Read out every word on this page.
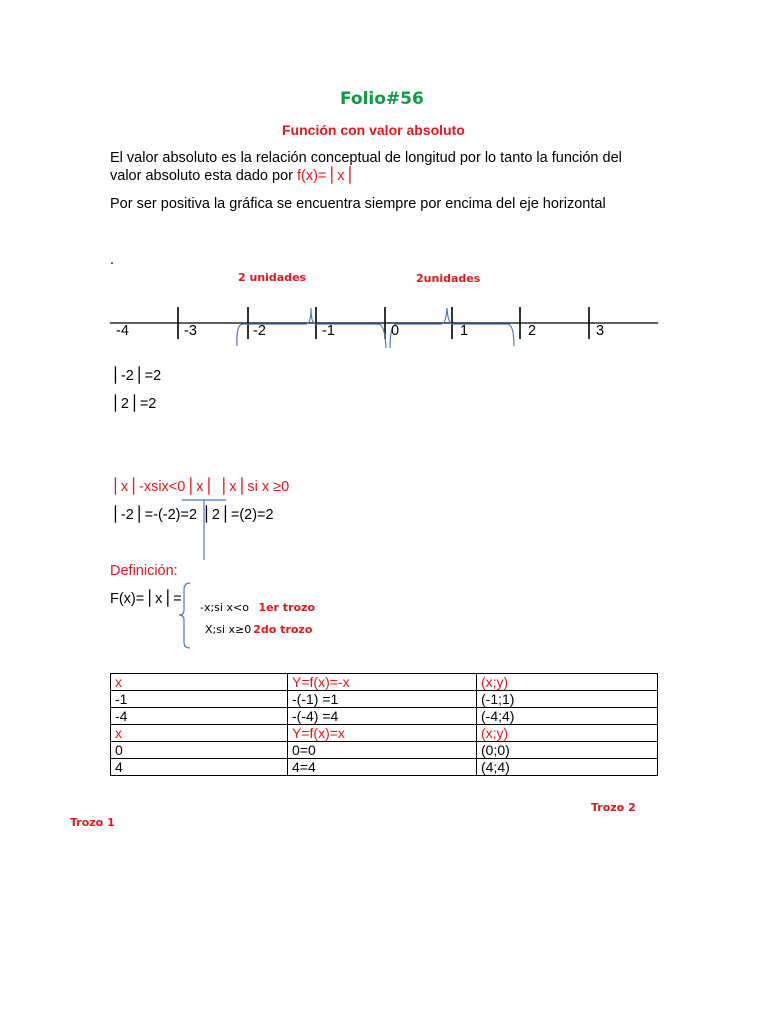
Folio#56
Función con valor absoluto
El valor absoluto es la relación conceptual de longitud por lo tanto la función del
valor absoluto esta dado por f(x)=⎪x⎪
Por ser positiva la gráfica se encuentra siempre por encima del eje horizontal
.
2 unidades	2unidades
-4	-3	-2	-1	0	1	2	3
⎪-2⎪=2
⎪2⎪=2
⎪x⎪-xsix<0⎪x⎪ ⎪x⎪si x ≥0
⎪-2⎪=-(-2)=2 ⎪2⎪=(2)=2
Definición:
F(x)=⎪x⎪=
-x;si x<o 1er trozo
X;si x≥0 2do trozo
x	Y=f(x)=-x	(x;y)
-1	-(-1) =1	(-1;1)
-4	-(-4) =4	(-4;4)
x	Y=f(x)=x	(x;y)
0	0=0	(0;0)
4	4=4	(4;4)
Trozo 2
Trozo 1
